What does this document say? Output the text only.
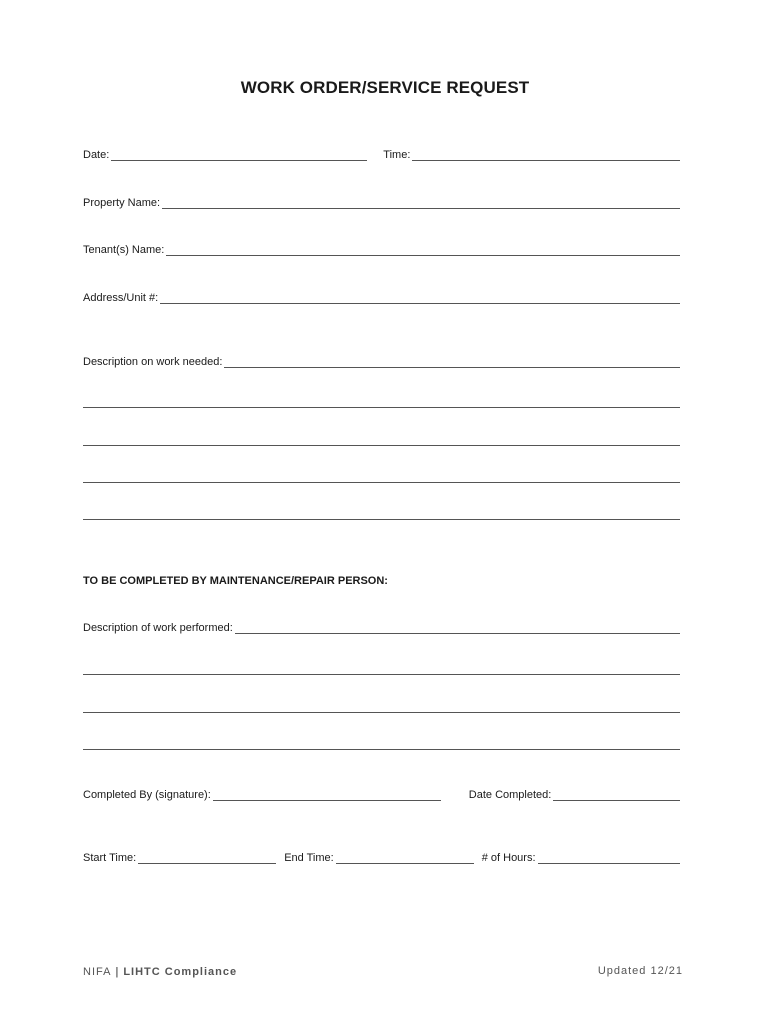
WORK ORDER/SERVICE REQUEST
Date:	Time:
Property Name:
Tenant(s) Name:
Address/Unit #:
Description on work needed:
TO BE COMPLETED BY MAINTENANCE/REPAIR PERSON:
Description of work performed:
Completed By (signature):	Date Completed:
Start Time:	End Time:	# of Hours:
NIFA | LIHTC Compliance	Updated 12/21
